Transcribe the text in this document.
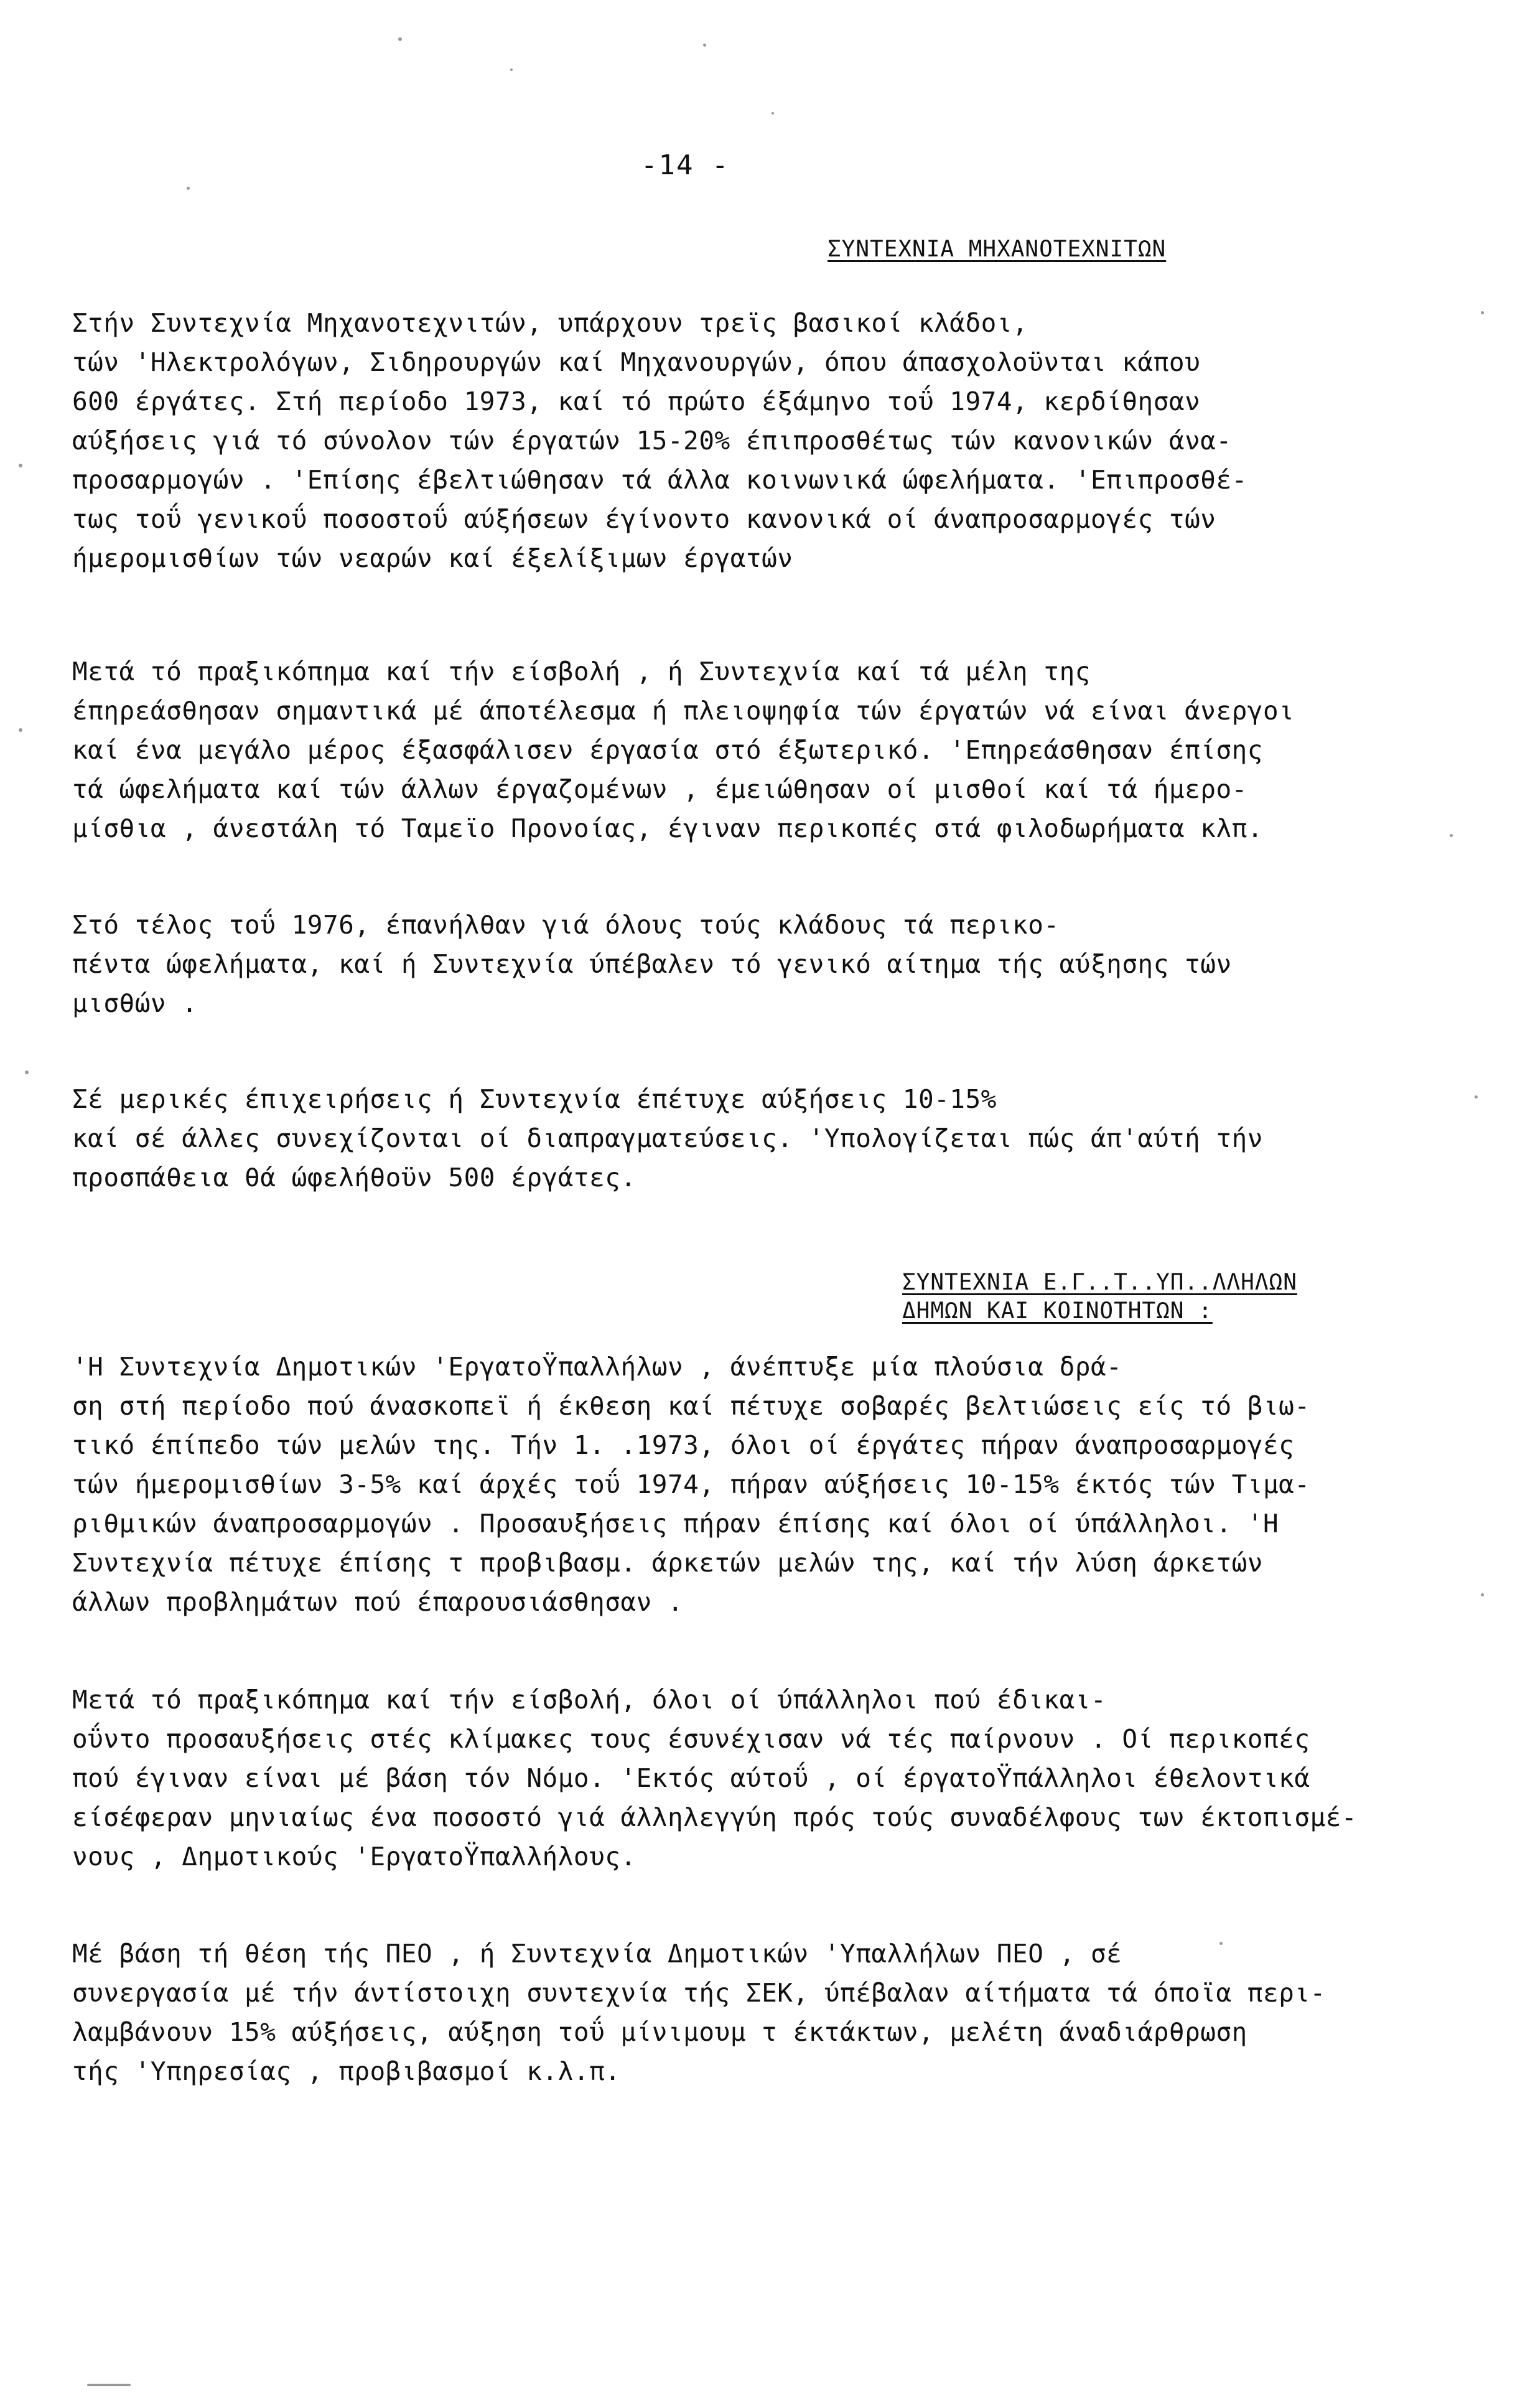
-14 -
ΣΥΝΤΕΧΝΙΑ ΜΗΧΑΝΟΤΕΧΝΙΤΩΝ

Στήν Συντεχνία Μηχανοτεχνιτών, υπάρχουν τρεϊς βασικοί κλάδοι,
τών 'Ηλεκτρολόγων, Σιδηρουργών καί Μηχανουργών, όπου άπασχολοϋνται κάπου
600 έργάτες. Στή περίοδο 1973, καί τό πρώτο έξάμηνο τοΰ 1974, κερδίθησαν
αύξήσεις γιά τό σύνολον τών έργατών 15-20% έπιπροσθέτως τών κανονικών άνα-
προσαρμογών . 'Επίσης έβελτιώθησαν τά άλλα κοινωνικά ώφελήματα. 'Επιπροσθέ-
τως τοΰ γενικοΰ ποσοστοΰ αύξήσεων έγίνοντο κανονικά οί άναπροσαρμογές τών
ήμερομισθίων τών νεαρών καί έξελίξιμων έργατών

Μετά τό πραξικόπημα καί τήν είσβολή , ή Συντεχνία καί τά μέλη της
έπηρεάσθησαν σημαντικά μέ άποτέλεσμα ή πλειοψηφία τών έργατών νά είναι άνεργοι
καί ένα μεγάλο μέρος έξασφάλισεν έργασία στό έξωτερικό. 'Επηρεάσθησαν έπίσης
τά ώφελήματα καί τών άλλων έργαζομένων , έμειώθησαν οί μισθοί καί τά ήμερο-
μίσθια , άνεστάλη τό Ταμεϊο Προνοίας, έγιναν περικοπές στά φιλοδωρήματα κλπ.

Στό τέλος τοΰ 1976, έπανήλθαν γιά όλους τούς κλάδους τά περικο-
πέντα ώφελήματα, καί ή Συντεχνία ύπέβαλεν τό γενικό αίτημα τής αύξησης τών
μισθών .

Σέ μερικές έπιχειρήσεις ή Συντεχνία έπέτυχε αύξήσεις 10-15%
καί σέ άλλες συνεχίζονται οί διαπραγματεύσεις. 'Υπολογίζεται πώς άπ'αύτή τήν
προσπάθεια θά ώφελήθοϋν 500 έργάτες.

ΣΥΝΤΕΧΝΙΑ Ε.Γ..Τ..ΥΠ..ΛΛΗΛΩΝ
ΔΗΜΩΝ ΚΑΙ ΚΟΙΝΟΤΗΤΩΝ :

'Η Συντεχνία Δημοτικών 'ΕργατοΫπαλλήλων , άνέπτυξε μία πλούσια δρά-
ση στή περίοδο πού άνασκοπεϊ ή έκθεση καί πέτυχε σοβαρές βελτιώσεις είς τό βιω-
τικό έπίπεδο τών μελών της. Τήν 1. .1973, όλοι οί έργάτες πήραν άναπροσαρμογές
τών ήμερομισθίων 3-5% καί άρχές τοΰ 1974, πήραν αύξήσεις 10-15% έκτός τών Τιμα-
ριθμικών άναπροσαρμογών . Προσαυξήσεις πήραν έπίσης καί όλοι οί ύπάλληλοι. 'Η
Συντεχνία πέτυχε έπίσης τ προβιβασμ. άρκετών μελών της, καί τήν λύση άρκετών
άλλων προβλημάτων πού έπαρουσιάσθησαν .

Μετά τό πραξικόπημα καί τήν είσβολή, όλοι οί ύπάλληλοι πού έδικαι-
οΰντο προσαυξήσεις στές κλίμακες τους έσυνέχισαν νά τές παίρνουν . Οί περικοπές
πού έγιναν είναι μέ βάση τόν Νόμο. 'Εκτός αύτοΰ , οί έργατοΫπάλληλοι έθελοντικά
είσέφεραν μηνιαίως ένα ποσοστό γιά άλληλεγγύη πρός τούς συναδέλφους των έκτοπισμέ-
νους , Δημοτικούς 'ΕργατοΫπαλλήλους.

Μέ βάση τή θέση τής ΠΕΟ , ή Συντεχνία Δημοτικών 'Υπαλλήλων ΠΕΟ , σέ
συνεργασία μέ τήν άντίστοιχη συντεχνία τής ΣΕΚ, ύπέβαλαν αίτήματα τά όποϊα περι-
λαμβάνουν 15% αύξήσεις, αύξηση τοΰ μίνιμουμ τ έκτάκτων, μελέτη άναδιάρθρωση
τής 'Υπηρεσίας , προβιβασμοί κ.λ.π.
